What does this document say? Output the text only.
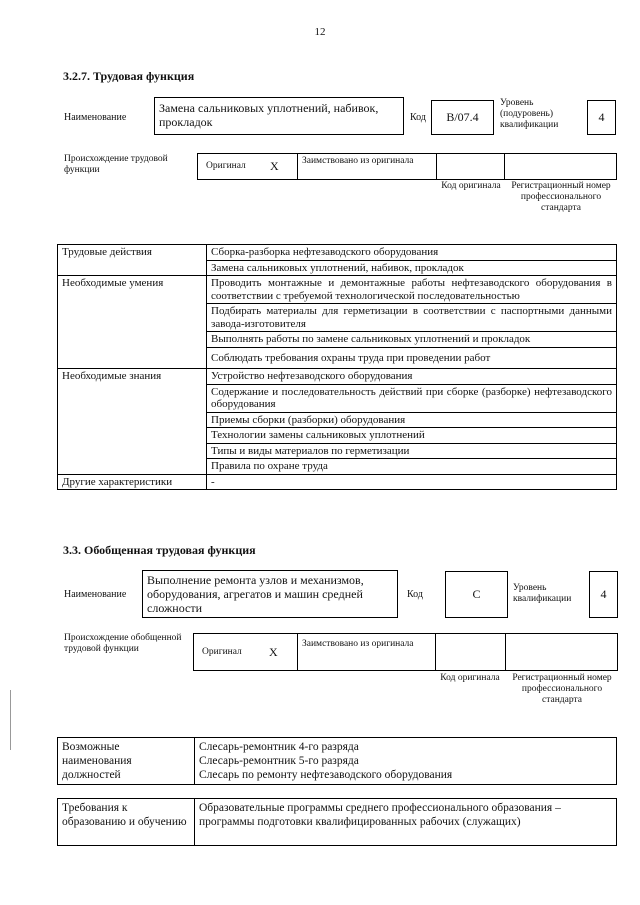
12
3.2.7. Трудовая функция
Наименование
Замена сальниковых уплотнений, набивок, прокладок	Код В/07.4
Уровень (подуровень) квалификации
4
Происхождение трудовой функции	Оригинал Х Заимствовано из оригинала
Код оригинала	Регистрационный номер профессионального стандарта
Трудовые действия	Сборка-разборка нефтезаводского оборудования
	Замена сальниковых уплотнений, набивок, прокладок
Необходимые умения	Проводить монтажные и демонтажные работы нефтезаводского оборудования в соответствии с требуемой технологической последовательностью
	Подбирать материалы для герметизации в соответствии с паспортными данными завода-изготовителя
	Выполнять работы по замене сальниковых уплотнений и прокладок
	Соблюдать требования охраны труда при проведении работ
Необходимые знания	Устройство нефтезаводского оборудования
	Содержание и последовательность действий при сборке (разборке) нефтезаводского оборудования
	Приемы сборки (разборки) оборудования
	Технологии замены сальниковых уплотнений
	Типы и виды материалов по герметизации
	Правила по охране труда
Другие характеристики	-
3.3. Обобщенная трудовая функция
Наименование
Выполнение ремонта узлов и механизмов, оборудования, агрегатов и машин средней сложности
Код	С	Уровень квалификации	4
Происхождение обобщенной трудовой функции	Оригинал Х
Заимствовано из оригинала
Код оригинала	Регистрационный номер профессионального стандарта
Возможные наименования должностей	
Слесарь-ремонтник 4-го разряда
Слесарь-ремонтник 5-го разряда
Слесарь по ремонту нефтезаводского оборудования
Требования к образованию и обучению	Образовательные программы среднего профессионального образования – программы подготовки квалифицированных рабочих (служащих)
